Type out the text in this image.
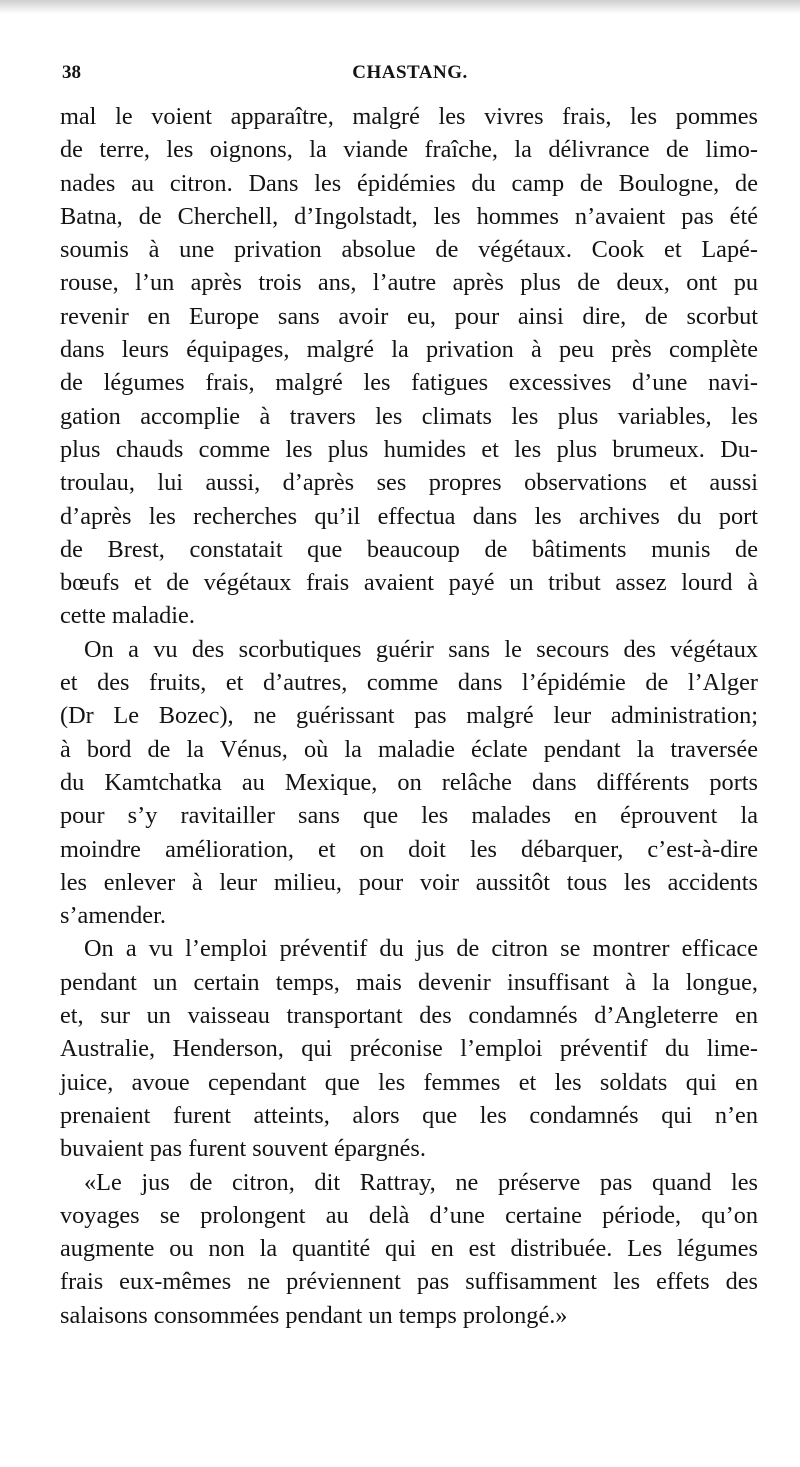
38	CHASTANG.

mal le voient apparaître, malgré les vivres frais, les pommes
de terre, les oignons, la viande fraîche, la délivrance de limo-
nades au citron. Dans les épidémies du camp de Boulogne, de
Batna, de Cherchell, d’Ingolstadt, les hommes n’avaient pas été
soumis à une privation absolue de végétaux. Cook et Lapé-
rouse, l’un après trois ans, l’autre après plus de deux, ont pu
revenir en Europe sans avoir eu, pour ainsi dire, de scorbut
dans leurs équipages, malgré la privation à peu près complète
de légumes frais, malgré les fatigues excessives d’une navi-
gation accomplie à travers les climats les plus variables, les
plus chauds comme les plus humides et les plus brumeux. Du-
troulau, lui aussi, d’après ses propres observations et aussi
d’après les recherches qu’il effectua dans les archives du port
de Brest, constatait que beaucoup de bâtiments munis de
bœufs et de végétaux frais avaient payé un tribut assez lourd à
cette maladie.

On a vu des scorbutiques guérir sans le secours des végétaux
et des fruits, et d’autres, comme dans l’épidémie de l’Alger
(Dr Le Bozec), ne guérissant pas malgré leur administration;
à bord de la Vénus, où la maladie éclate pendant la traversée
du Kamtchatka au Mexique, on relâche dans différents ports
pour s’y ravitailler sans que les malades en éprouvent la
moindre amélioration, et on doit les débarquer, c’est-à-dire
les enlever à leur milieu, pour voir aussitôt tous les accidents
s’amender.

On a vu l’emploi préventif du jus de citron se montrer efficace
pendant un certain temps, mais devenir insuffisant à la longue,
et, sur un vaisseau transportant des condamnés d’Angleterre en
Australie, Henderson, qui préconise l’emploi préventif du lime-
juice, avoue cependant que les femmes et les soldats qui en
prenaient furent atteints, alors que les condamnés qui n’en
buvaient pas furent souvent épargnés.

«Le jus de citron, dit Rattray, ne préserve pas quand les
voyages se prolongent au delà d’une certaine période, qu’on
augmente ou non la quantité qui en est distribuée. Les légumes
frais eux-mêmes ne préviennent pas suffisamment les effets des
salaisons consommées pendant un temps prolongé.»
